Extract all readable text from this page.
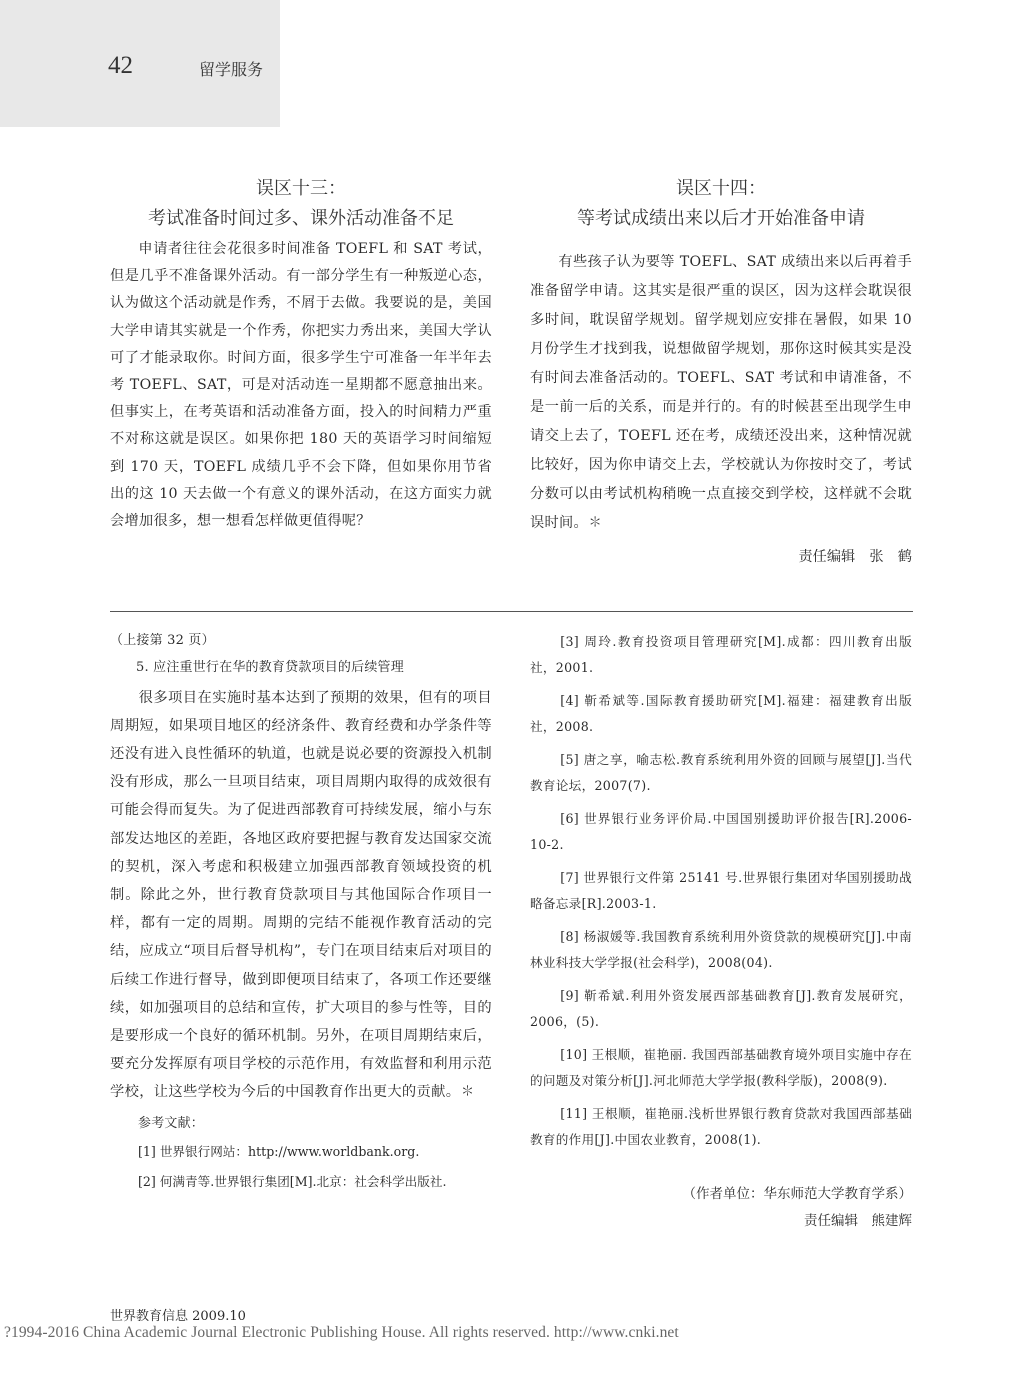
42	留学服务
误区十三：
考试准备时间过多、课外活动准备不足

申请者往往会花很多时间准备 TOEFL 和 SAT 考试，但是几乎不准备课外活动。有一部分学生有一种叛逆心态，认为做这个活动就是作秀，不屑于去做。我要说的是，美国大学申请其实就是一个作秀，你把实力秀出来，美国大学认可了才能录取你。时间方面，很多学生宁可准备一年半年去考 TOEFL、SAT，可是对活动连一星期都不愿意抽出来。但事实上，在考英语和活动准备方面，投入的时间精力严重不对称这就是误区。如果你把 180 天的英语学习时间缩短到 170 天，TOEFL 成绩几乎不会下降，但如果你用节省出的这 10 天去做一个有意义的课外活动，在这方面实力就会增加很多，想一想看怎样做更值得呢？

误区十四：
等考试成绩出来以后才开始准备申请

有些孩子认为要等 TOEFL、SAT 成绩出来以后再着手准备留学申请。这其实是很严重的误区，因为这样会耽误很多时间，耽误留学规划。留学规划应安排在暑假，如果 10 月份学生才找到我，说想做留学规划，那你这时候其实是没有时间去准备活动的。TOEFL、SAT 考试和申请准备，不是一前一后的关系，而是并行的。有的时候甚至出现学生申请交上去了，TOEFL 还在考，成绩还没出来，这种情况就比较好，因为你申请交上去，学校就认为你按时交了，考试分数可以由考试机构稍晚一点直接交到学校，这样就不会耽误时间。✽

责任编辑　张　鹤

（上接第 32 页）

5. 应注重世行在华的教育贷款项目的后续管理

很多项目在实施时基本达到了预期的效果，但有的项目周期短，如果项目地区的经济条件、教育经费和办学条件等还没有进入良性循环的轨道，也就是说必要的资源投入机制没有形成，那么一旦项目结束，项目周期内取得的成效很有可能会得而复失。为了促进西部教育可持续发展，缩小与东部发达地区的差距，各地区政府要把握与教育发达国家交流的契机，深入考虑和积极建立加强西部教育领域投资的机制。除此之外，世行教育贷款项目与其他国际合作项目一样，都有一定的周期。周期的完结不能视作教育活动的完结，应成立“项目后督导机构”，专门在项目结束后对项目的后续工作进行督导，做到即便项目结束了，各项工作还要继续，如加强项目的总结和宣传，扩大项目的参与性等，目的是要形成一个良好的循环机制。另外，在项目周期结束后，要充分发挥原有项目学校的示范作用，有效监督和利用示范学校，让这些学校为今后的中国教育作出更大的贡献。✽

参考文献：

[1] 世界银行网站：http://www.worldbank.org.

[2] 何满青等.世界银行集团[M].北京：社会科学出版社.

[3] 周玲.教育投资项目管理研究[M].成都：四川教育出版社，2001.

[4] 靳希斌等.国际教育援助研究[M].福建：福建教育出版社，2008.

[5] 唐之享，喻志松.教育系统利用外资的回顾与展望[J].当代教育论坛，2007(7).

[6] 世界银行业务评价局.中国国别援助评价报告[R].2006-10-2.

[7] 世界银行文件第 25141 号.世界银行集团对华国别援助战略备忘录[R].2003-1.

[8] 杨淑媛等.我国教育系统利用外资贷款的规模研究[J].中南林业科技大学学报(社会科学)，2008(04).

[9] 靳希斌.利用外资发展西部基础教育[J].教育发展研究，2006，(5).

[10] 王根顺，崔艳丽. 我国西部基础教育境外项目实施中存在的问题及对策分析[J].河北师范大学学报(教科学版)，2008(9).

[11] 王根顺，崔艳丽.浅析世界银行教育贷款对我国西部基础教育的作用[J].中国农业教育，2008(1).

（作者单位：华东师范大学教育学系）
责任编辑　熊建辉
世界教育信息 2009.10
?1994-2016 China Academic Journal Electronic Publishing House. All rights reserved. http://www.cnki.net
